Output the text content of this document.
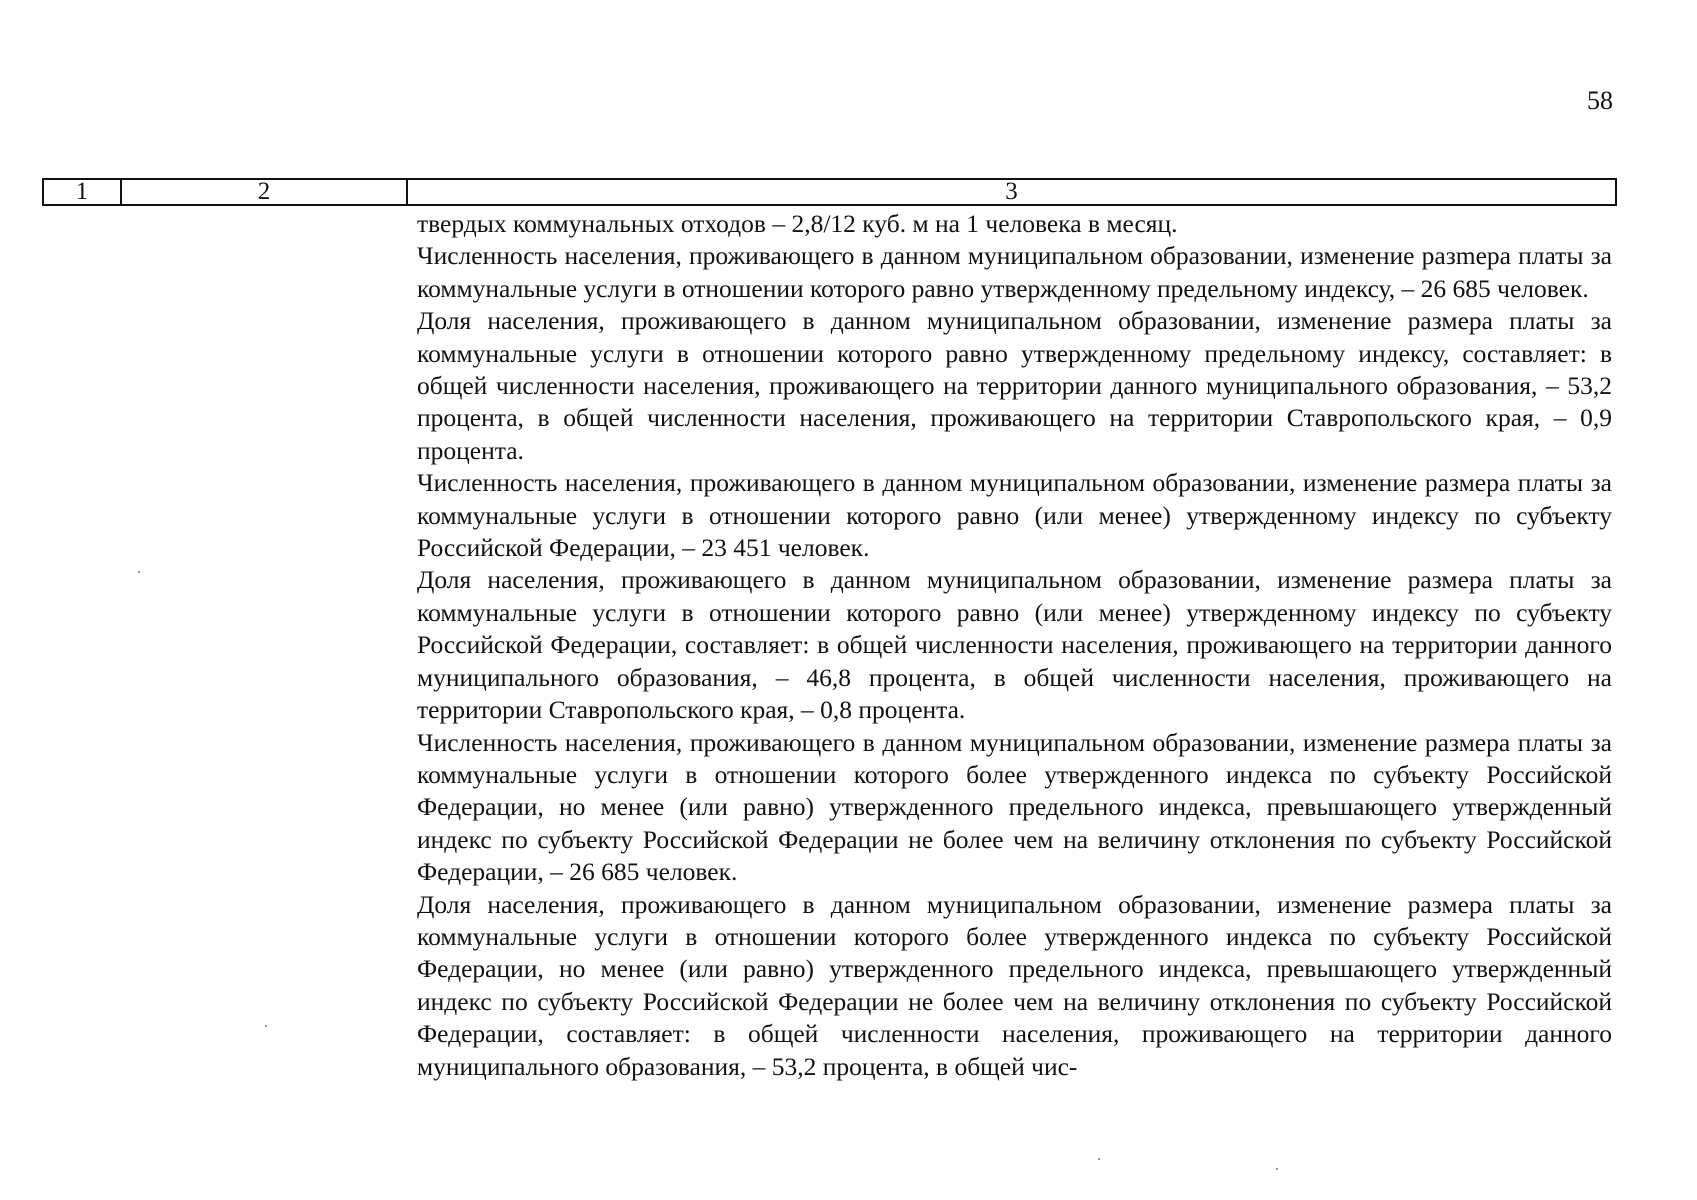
58
1	2	3

твердых коммунальных отходов – 2,8/12 куб. м на 1 человека в месяц.

Численность населения, проживающего в данном муниципальном образовании, изменение разmера платы за коммунальные услуги в отношении которого равно утвержденному предельному индексу, – 26 685 человек.

Доля населения, проживающего в данном муниципальном образовании, изменение размера платы за коммунальные услуги в отношении которого равно утвержденному предельному индексу, составляет: в общей численности населения, проживающего на территории данного муниципального образования, – 53,2 процента, в общей численности населения, проживающего на территории Ставропольского края, – 0,9 процента.

Численность населения, проживающего в данном муниципальном образовании, изменение размера платы за коммунальные услуги в отношении которого равно (или менее) утвержденному индексу по субъекту Российской Федерации, – 23 451 человек.

Доля населения, проживающего в данном муниципальном образовании, изменение размера платы за коммунальные услуги в отношении которого равно (или менее) утвержденному индексу по субъекту Российской Федерации, составляет: в общей численности населения, проживающего на территории данного муниципального образования, – 46,8 процента, в общей численности населения, проживающего на территории Ставропольского края, – 0,8 процента.

Численность населения, проживающего в данном муниципальном образовании, изменение размера платы за коммунальные услуги в отношении которого более утвержденного индекса по субъекту Российской Федерации, но менее (или равно) утвержденного предельного индекса, превышающего утвержденный индекс по субъекту Российской Федерации не более чем на величину отклонения по субъекту Российской Федерации, – 26 685 человек.

Доля населения, проживающего в данном муниципальном образовании, изменение размера платы за коммунальные услуги в отношении которого более утвержденного индекса по субъекту Российской Федерации, но менее (или равно) утвержденного предельного индекса, превышающего утвержденный индекс по субъекту Российской Федерации не более чем на величину отклонения по субъекту Российской Федерации, составляет: в общей численности населения, проживающего на территории данного муниципального образования, – 53,2 процента, в общей чис-
